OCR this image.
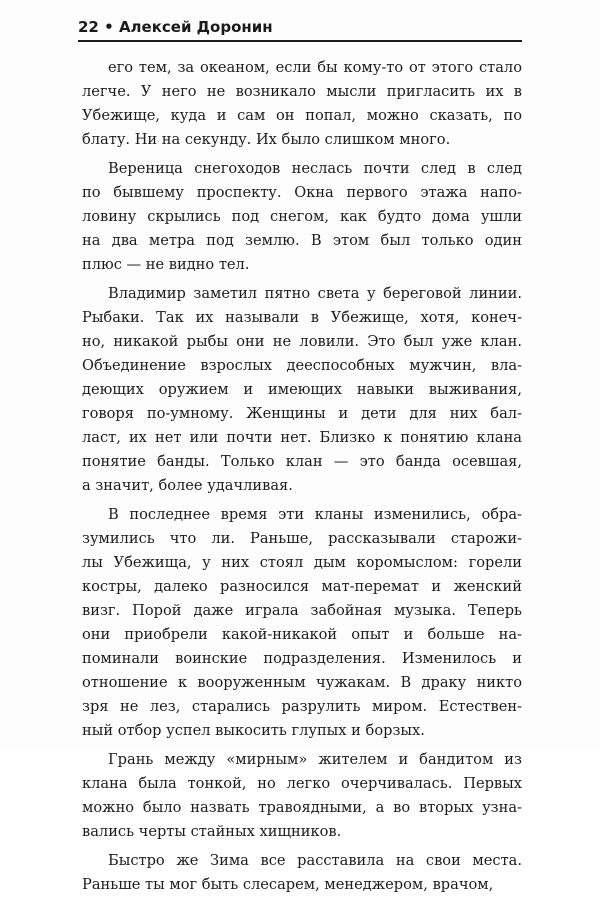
22 • Алексей Доронин
его тем, за океаном, если бы кому-то от этого стало
легче. У него не возникало мысли пригласить их в
Убежище, куда и сам он попал, можно сказать, по
блату. Ни на секунду. Их было слишком много.
Вереница снегоходов неслась почти след в след
по бывшему проспекту. Окна первого этажа напо-
ловину скрылись под снегом, как будто дома ушли
на два метра под землю. В этом был только один
плюс — не видно тел.
Владимир заметил пятно света у береговой линии.
Рыбаки. Так их называли в Убежище, хотя, конеч-
но, никакой рыбы они не ловили. Это был уже клан.
Объединение взрослых дееспособных мужчин, вла-
деющих оружием и имеющих навыки выживания,
говоря по-умному. Женщины и дети для них бал-
ласт, их нет или почти нет. Близко к понятию клана
понятие банды. Только клан — это банда осевшая,
а значит, более удачливая.
В последнее время эти кланы изменились, обра-
зумились что ли. Раньше, рассказывали старожи-
лы Убежища, у них стоял дым коромыслом: горели
костры, далеко разносился мат-перемат и женский
визг. Порой даже играла забойная музыка. Теперь
они приобрели какой-никакой опыт и больше на-
поминали воинские подразделения. Изменилось и
отношение к вооруженным чужакам. В драку никто
зря не лез, старались разрулить миром. Естествен-
ный отбор успел выкосить глупых и борзых.
Грань между «мирным» жителем и бандитом из
клана была тонкой, но легко очерчивалась. Первых
можно было назвать травоядными, а во вторых узна-
вались черты стайных хищников.
Быстро же Зима все расставила на свои места.
Раньше ты мог быть слесарем, менеджером, врачом,
